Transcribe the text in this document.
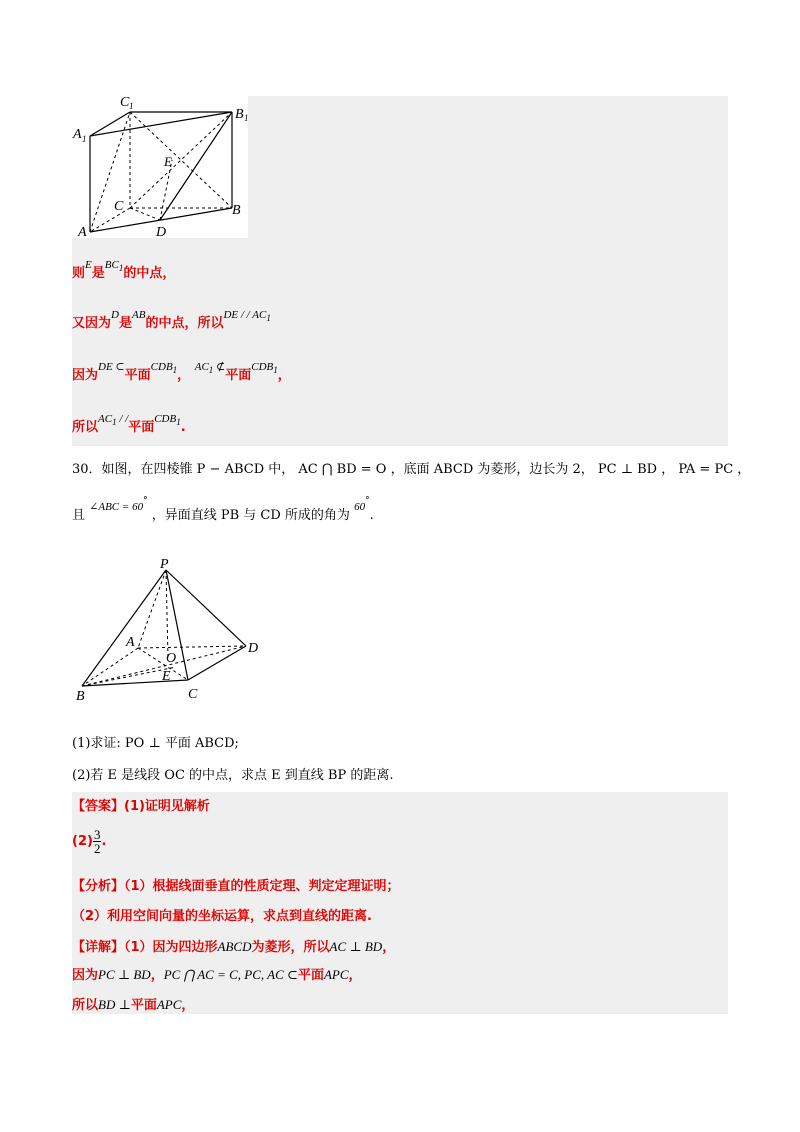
C 1
A 1
B 1
E
C	B
A	D
则$^E$是$^{BC_1}$的中点，
又因为$^D$是$^{AB}$的中点，所以$^{DE / / AC_1}$
因为$^{DE \subset}$平面$^{CDB_1}$， $^{AC_1 ⊄}$平面$^{CDB_1}$，
所以$^{AC_1 / /}$平面$^{CDB_1}$.
30．如图，在四棱锥 P − ABCD 中， AC ⋂ BD = O ，底面 ABCD 为菱形，边长为 2， PC ⊥ BD ， PA = PC ，
且 $^{\angle ABC = 60^\circ}$ ，异面直线 PB 与 CD 所成的角为 $^{60^\circ}$.
P
A	D
O
E
B	C
(1)求证: PO ⊥ 平面 ABCD;
(2)若 E 是线段 OC 的中点，求点 E 到直线 BP 的距离.
【答案】(1)证明见解析
$(2) \frac{3}{2}$ .
【分析】（1）根据线面垂直的性质定理、判定定理证明；
（2）利用空间向量的坐标运算，求点到直线的距离.
【详解】（1）因为四边形ABCD为菱形，所以AC ⊥ BD，
因为PC ⊥ BD，PC ⋂ AC = C, PC, AC ⊂平面APC，
所以BD ⊥平面APC，
